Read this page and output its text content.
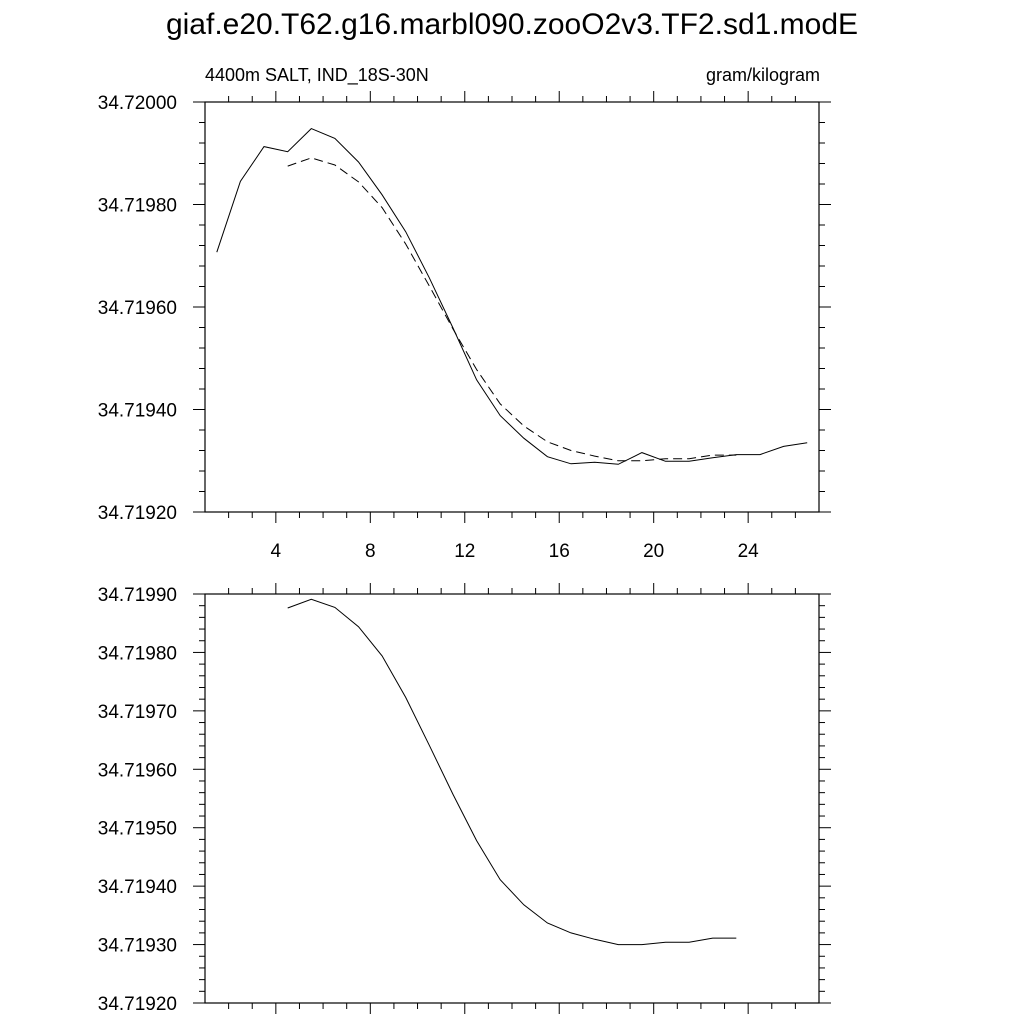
giaf.e20.T62.g16.marbl090.zooO2v3.TF2.sd1.modE
4400m SALT, IND_18S-30N	gram/kilogram
4	8	12	16	20	24
34.71920
34.71940
34.71960
34.71980
34.72000
34.71920
34.71930
34.71940
34.71950
34.71960
34.71970
34.71980
34.71990
